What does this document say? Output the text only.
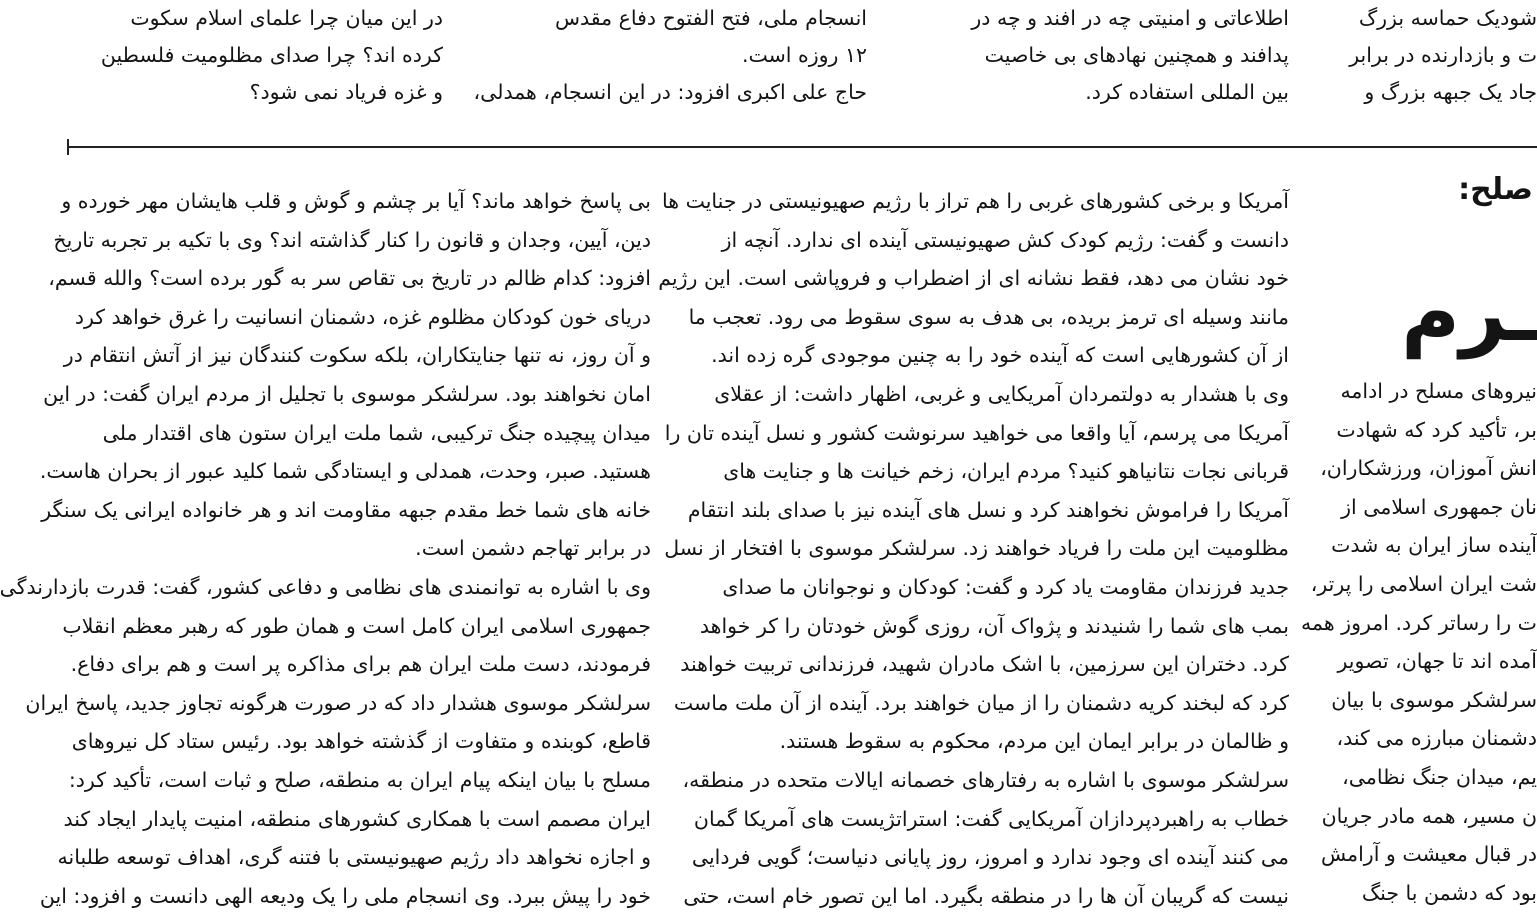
شودیک حماسه بزرگ
ت و بازدارنده در برابر
جاد یک جبهه بزرگ و
اطلاعاتی و امنیتی چه در افند و چه در
پدافند و همچنین نهادهای بی خاصیت
بین المللی استفاده کرد.
انسجام ملی، فتح الفتوح دفاع مقدس
۱۲ روزه است.
حاج علی اکبری افزود: در این انسجام، همدلی،
در این میان چرا علمای اسلام سکوت
کرده اند؟ چرا صدای مظلومیت فلسطین
و غزه فریاد نمی شود؟
صلح:
ـرم
نیروهای مسلح در ادامه
بر، تأکید کرد که شهادت
انش آموزان، ورزشکاران،
نان جمهوری اسلامی از
آینده ساز ایران به شدت
شت ایران اسلامی را پرتر،
ت را رساتر کرد. امروز همه
آمده اند تا جهان، تصویر
سرلشکر موسوی با بیان
دشمنان مبارزه می کند،
یم، میدان جنگ نظامی،
ن مسیر، همه مادر جریان
در قبال معیشت و آرامش
بود که دشمن با جنگ
آمریکا و برخی کشورهای غربی را هم تراز با رژیم صهیونیستی در جنایت ها
دانست و گفت: رژیم کودک کش صهیونیستی آینده ای ندارد. آنچه از
خود نشان می دهد، فقط نشانه ای از اضطراب و فروپاشی است. این رژیم
مانند وسیله ای ترمز بریده، بی هدف به سوی سقوط می رود. تعجب ما
از آن کشورهایی است که آینده خود را به چنین موجودی گره زده اند.
وی با هشدار به دولتمردان آمریکایی و غربی، اظهار داشت: از عقلای
آمریکا می پرسم، آیا واقعا می خواهید سرنوشت کشور و نسل آینده تان را
قربانی نجات نتانیاهو کنید؟ مردم ایران، زخم خیانت ها و جنایت های
آمریکا را فراموش نخواهند کرد و نسل های آینده نیز با صدای بلند انتقام
مظلومیت این ملت را فریاد خواهند زد. سرلشکر موسوی با افتخار از نسل
جدید فرزندان مقاومت یاد کرد و گفت: کودکان و نوجوانان ما صدای
بمب های شما را شنیدند و پژواک آن، روزی گوش خودتان را کر خواهد
کرد. دختران این سرزمین، با اشک مادران شهید، فرزندانی تربیت خواهند
کرد که لبخند کریه دشمنان را از میان خواهند برد. آینده از آن ملت ماست
و ظالمان در برابر ایمان این مردم، محکوم به سقوط هستند.
سرلشکر موسوی با اشاره به رفتارهای خصمانه ایالات متحده در منطقه،
خطاب به راهبردپردازان آمریکایی گفت: استراتژیست های آمریکا گمان
می کنند آینده ای وجود ندارد و امروز، روز پایانی دنیاست؛ گویی فردایی
نیست که گریبان آن ها را در منطقه بگیرد. اما این تصور خام است، حتی
بی پاسخ خواهد ماند؟ آیا بر چشم و گوش و قلب هایشان مهر خورده و
دین، آیین، وجدان و قانون را کنار گذاشته اند؟ وی با تکیه بر تجربه تاریخ
افزود: کدام ظالم در تاریخ بی تقاص سر به گور برده است؟ والله قسم،
دریای خون کودکان مظلوم غزه، دشمنان انسانیت را غرق خواهد کرد
و آن روز، نه تنها جنایتکاران، بلکه سکوت کنندگان نیز از آتش انتقام در
امان نخواهند بود. سرلشکر موسوی با تجلیل از مردم ایران گفت: در این
میدان پیچیده جنگ ترکیبی، شما ملت ایران ستون های اقتدار ملی
هستید. صبر، وحدت، همدلی و ایستادگی شما کلید عبور از بحران هاست.
خانه های شما خط مقدم جبهه مقاومت اند و هر خانواده ایرانی یک سنگر
در برابر تهاجم دشمن است.
وی با اشاره به توانمندی های نظامی و دفاعی کشور، گفت: قدرت بازدارندگی
جمهوری اسلامی ایران کامل است و همان طور که رهبر معظم انقلاب
فرمودند، دست ملت ایران هم برای مذاکره پر است و هم برای دفاع.
سرلشکر موسوی هشدار داد که در صورت هرگونه تجاوز جدید، پاسخ ایران
قاطع، کوبنده و متفاوت از گذشته خواهد بود. رئیس ستاد کل نیروهای
مسلح با بیان اینکه پیام ایران به منطقه، صلح و ثبات است، تأکید کرد:
ایران مصمم است با همکاری کشورهای منطقه، امنیت پایدار ایجاد کند
و اجازه نخواهد داد رژیم صهیونیستی با فتنه گری، اهداف توسعه طلبانه
خود را پیش ببرد. وی انسجام ملی را یک ودیعه الهی دانست و افزود: این
